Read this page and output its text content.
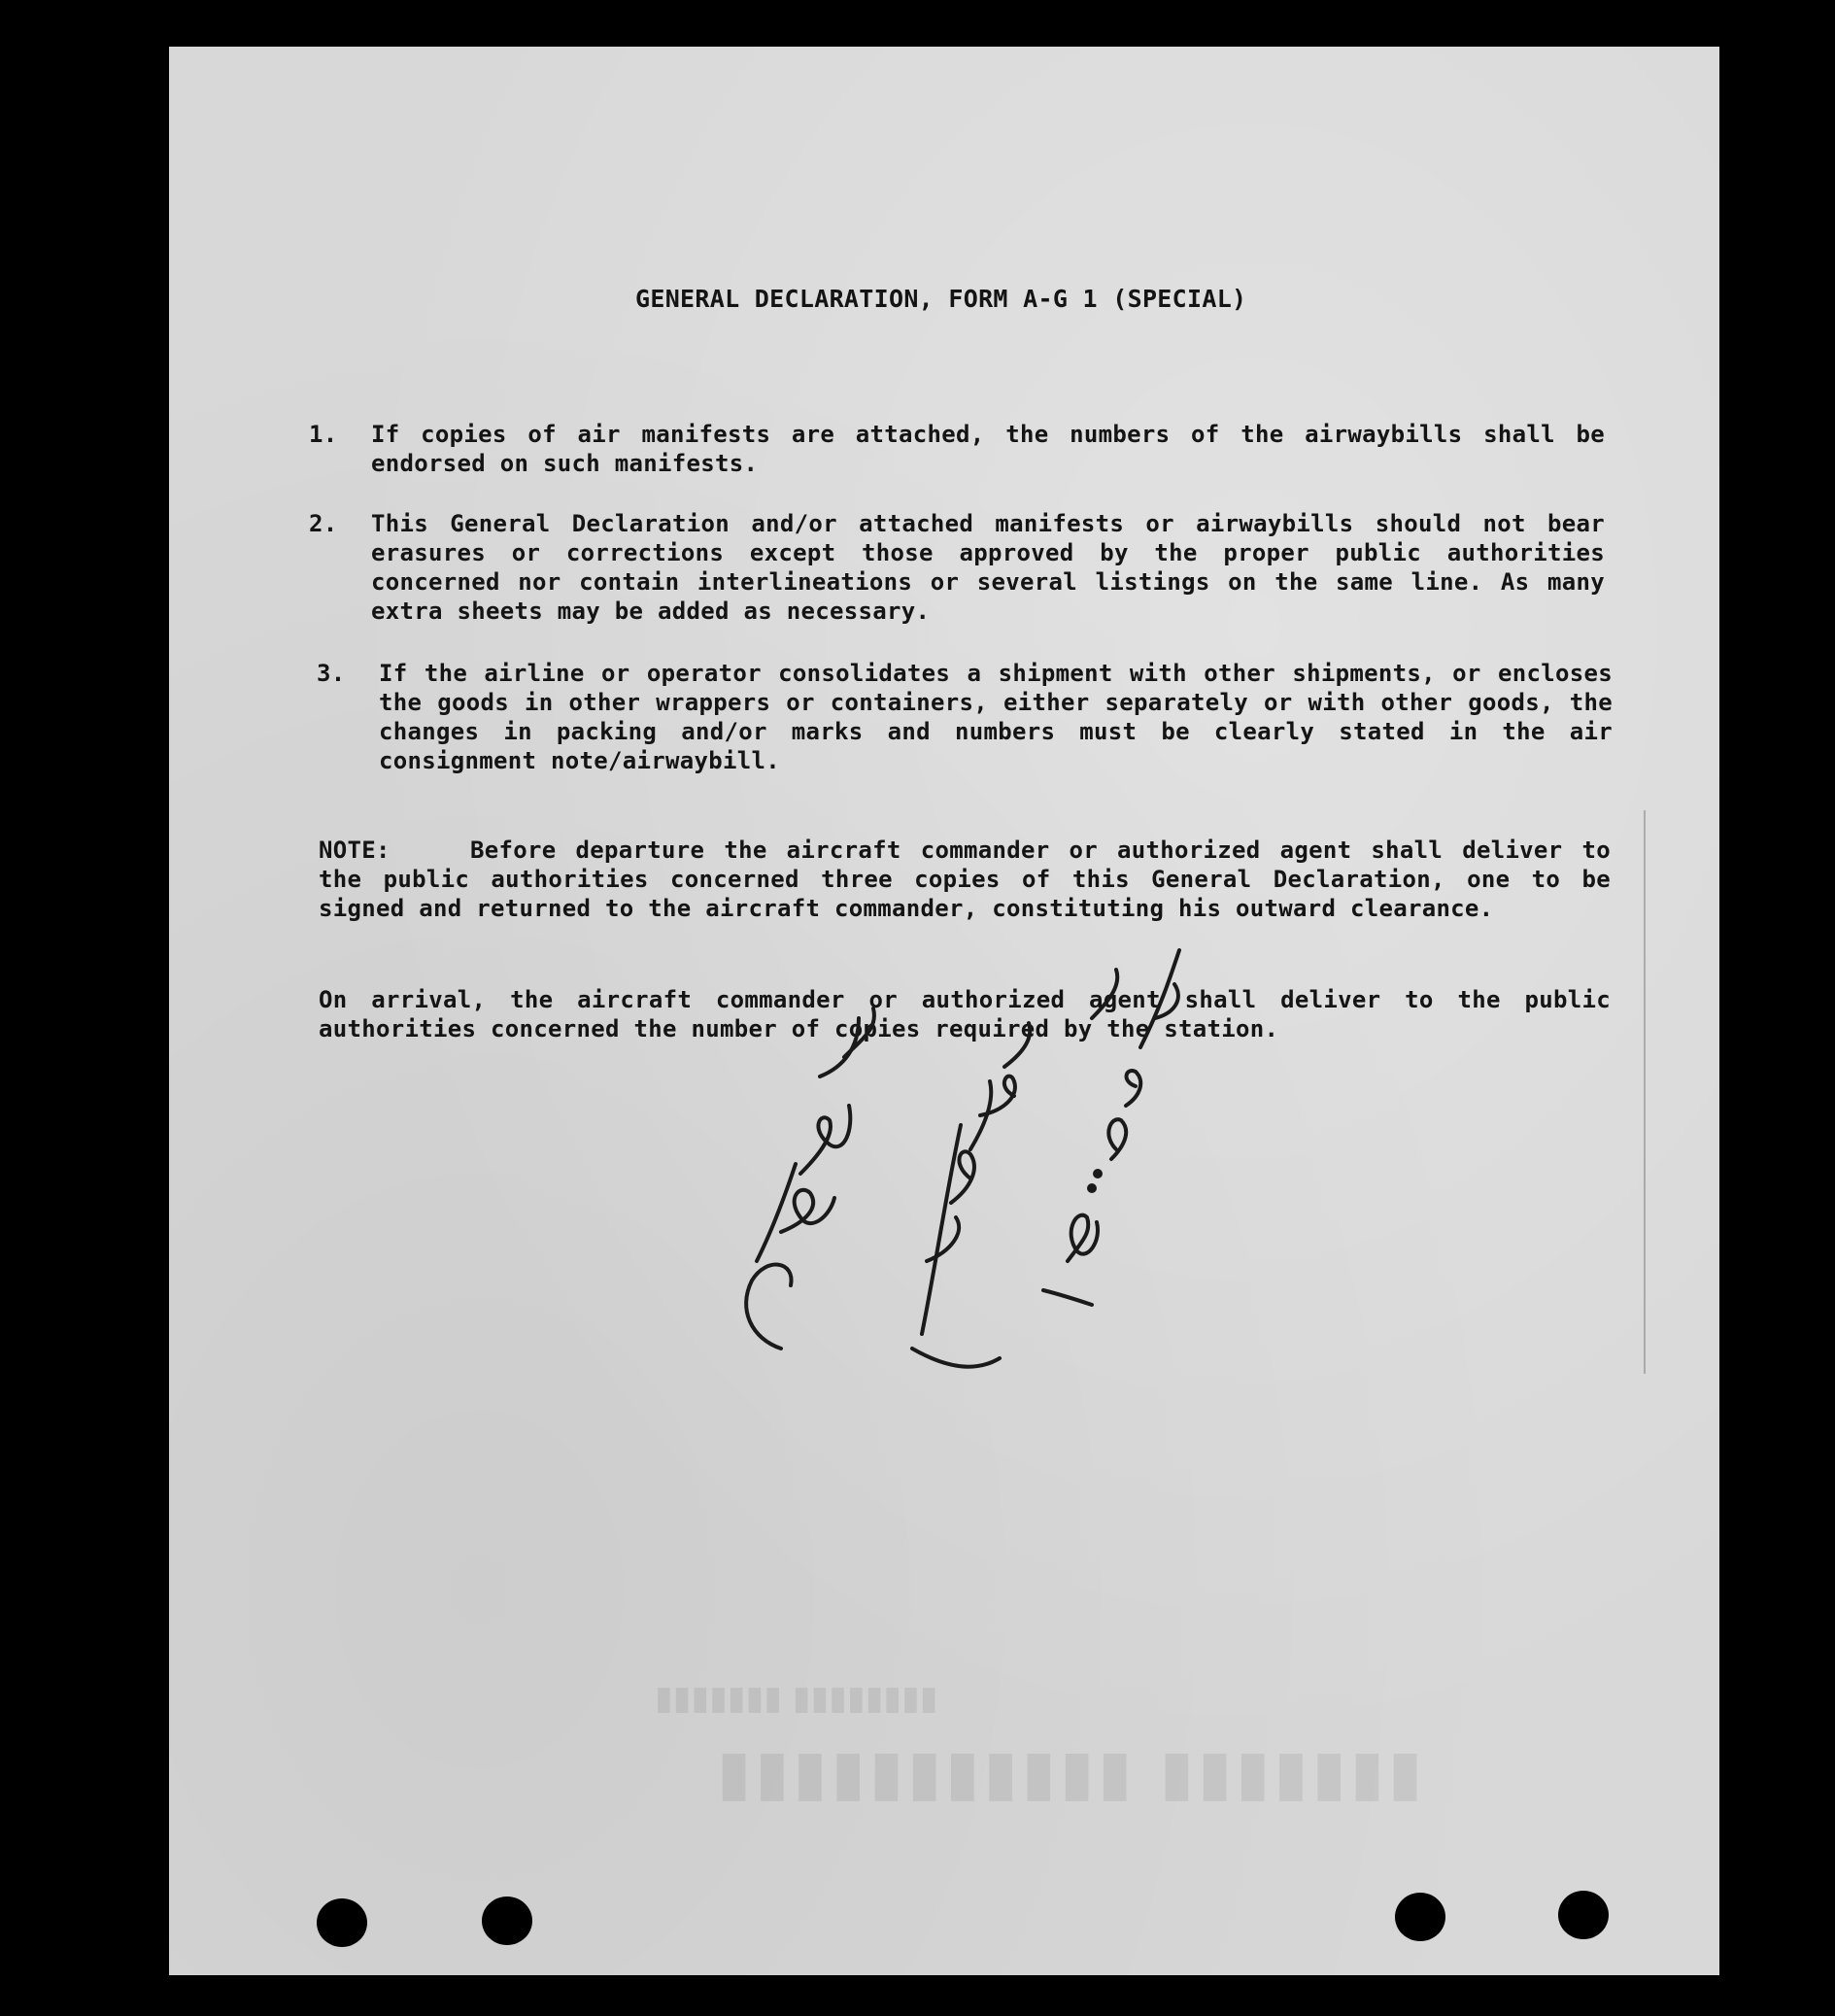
▮▮▮▮▮▮▮ ▮▮▮▮▮▮▮▮▮▮▮
▮▮▮▮▮▮▮▮ ▮▮▮▮▮▮▮
GENERAL DECLARATION, FORM A-G 1 (SPECIAL)
1.	If copies of air manifests are attached, the numbers of the airwaybills shall be endorsed on such manifests.
2.	This General Declaration and/or attached manifests or airwaybills should not bear erasures or corrections except those approved by the proper public authorities concerned nor contain interlineations or several listings on the same line. As many extra sheets may be added as necessary.
3.	If the airline or operator consolidates a shipment with other shipments, or encloses the goods in other wrappers or containers, either separately or with other goods, the changes in packing and/or marks and numbers must be clearly stated in the air consignment note/airwaybill.
NOTE:	Before departure the aircraft commander or authorized agent shall deliver to the public authorities concerned three copies of this General Declaration, one to be signed and returned to the aircraft commander, constituting his outward clearance.
On arrival, the aircraft commander or authorized agent shall deliver to the public authorities concerned the number of copies required by the station.
